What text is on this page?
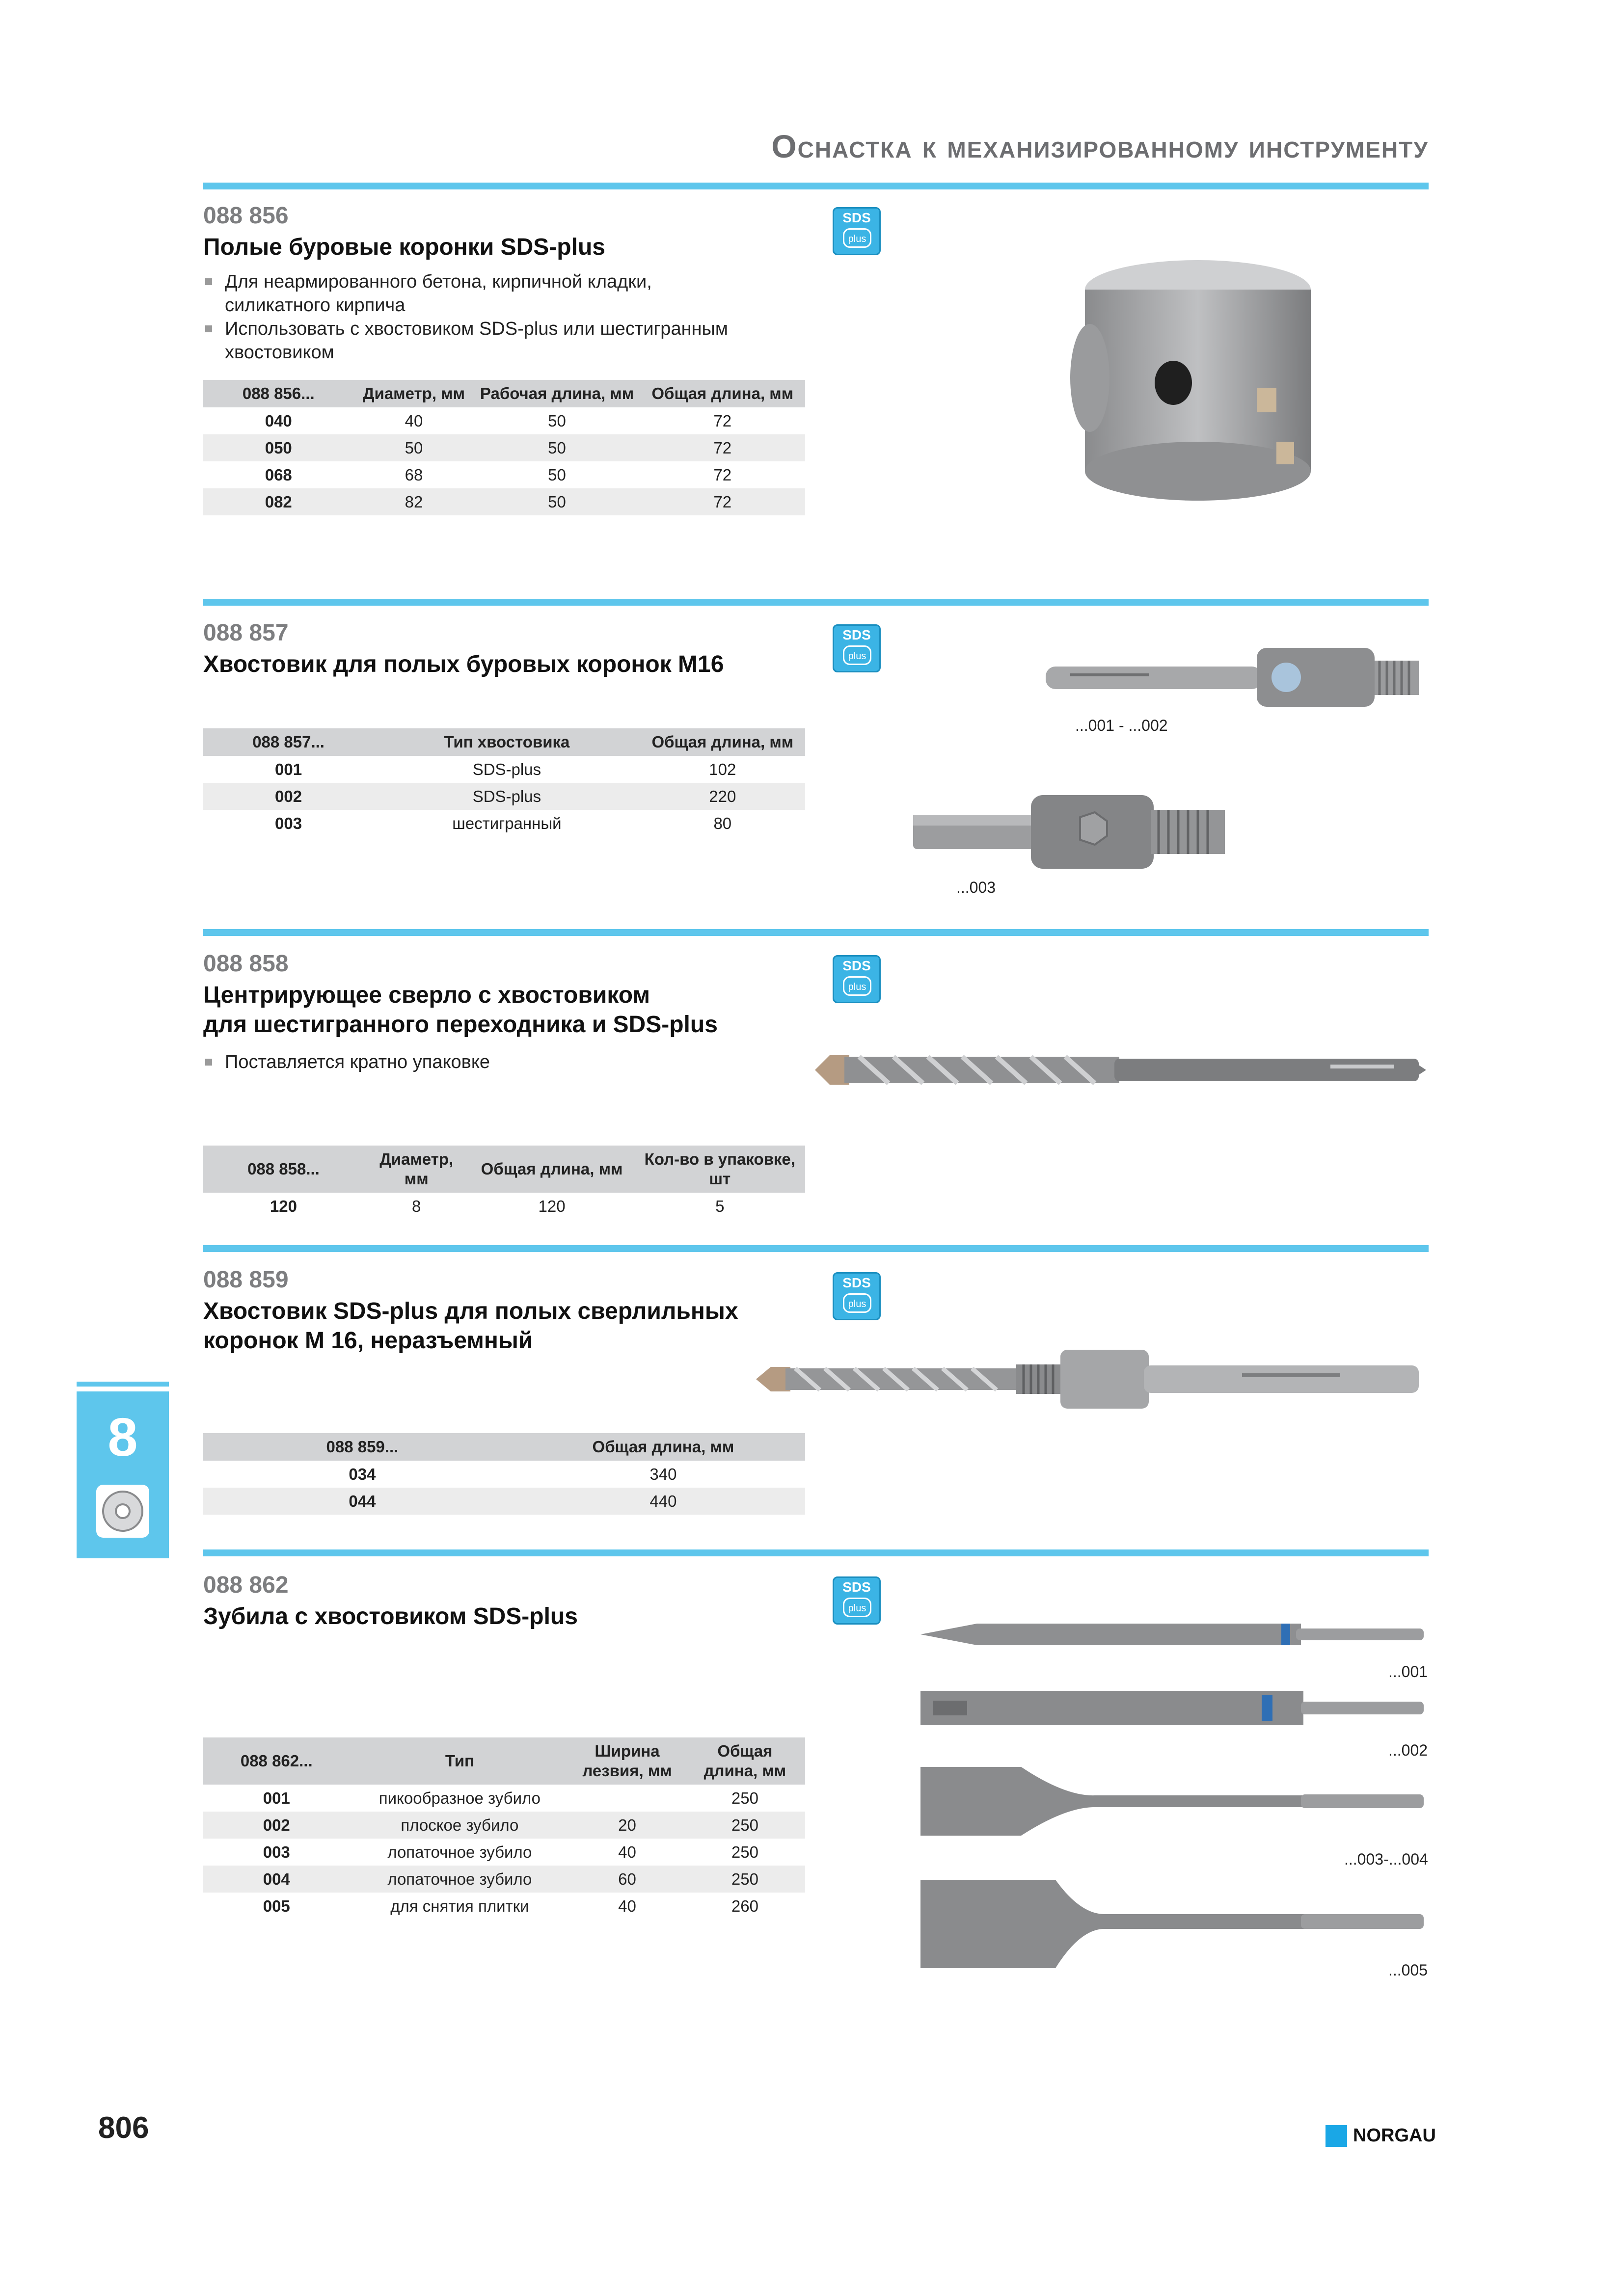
Оснастка к механизированному инструменту
088 856
Полые буровые коронки SDS-plus
Для неармированного бетона, кирпичной кладки, силикатного кирпича
Использовать с хвостовиком SDS-plus или шестигранным хвостовиком
SDS
plus
088 856...	Диаметр, мм	Рабочая длина, мм	Общая длина, мм
040	40	50	72
050	50	50	72
068	68	50	72
082	82	50	72
088 857
Хвостовик для полых буровых коронок М16
SDS
plus
088 857...	Тип хвостовика	Общая длина, мм
001	SDS-plus	102
002	SDS-plus	220
003	шестигранный	80
...001 - ...002
...003
088 858
Центрирующее сверло с хвостовиком
для шестигранного переходника и SDS-plus
Поставляется кратно упаковке
SDS
plus
088 858...	Диаметр, мм	Общая длина, мм	Кол-во в упаковке, шт
120	8	120	5
088 859
Хвостовик SDS-plus для полых сверлильных
коронок М 16, неразъемный
SDS
plus
088 859...	Общая длина, мм
034	340
044	440
088 862
Зубила с хвостовиком SDS-plus
SDS
plus
088 862...	Тип	Ширина лезвия, мм	Общая длина, мм
001	пикообразное зубило		250
002	плоское зубило	20	250
003	лопаточное зубило	40	250
004	лопаточное зубило	60	250
005	для снятия плитки	40	260
...001
...002
...003-...004
...005
8
806	NORGAU
